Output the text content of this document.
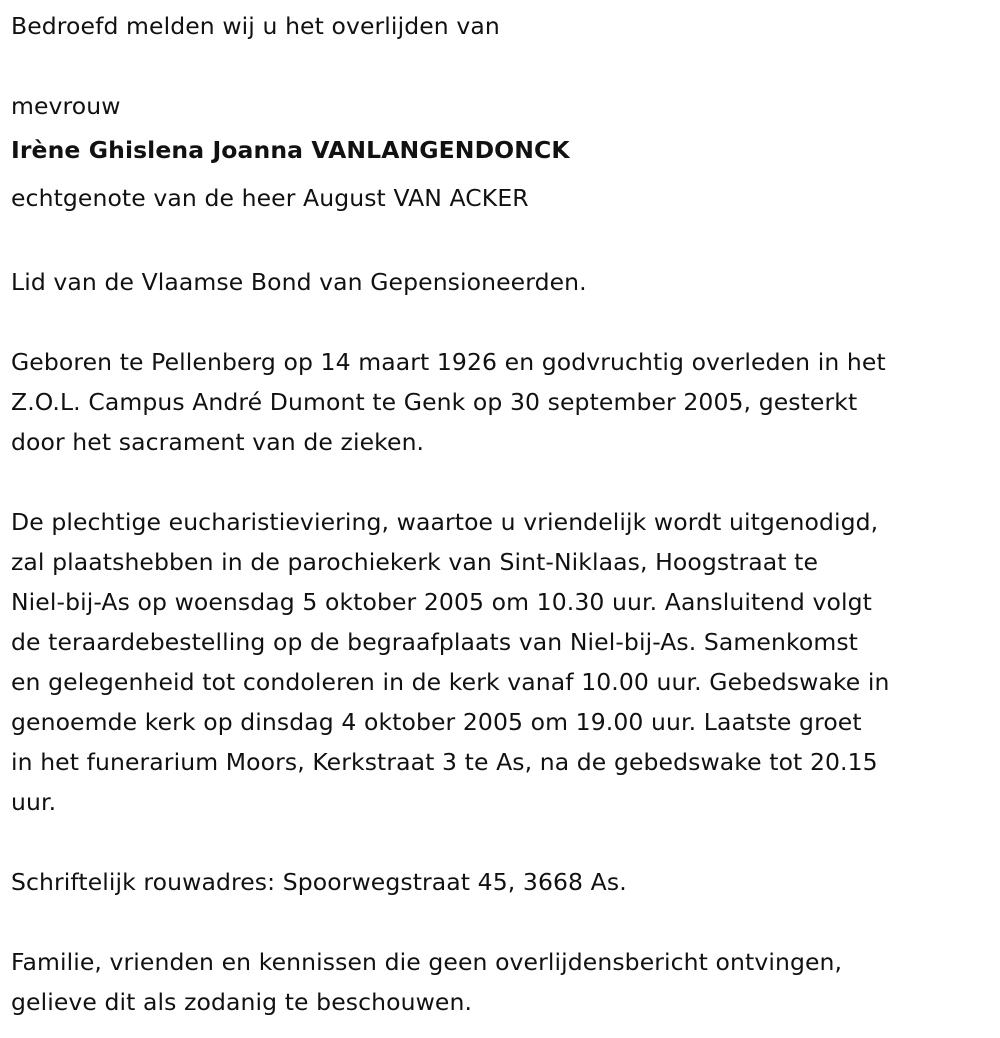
Bedroefd melden wij u het overlijden van

mevrouw

Irène Ghislena Joanna VANLANGENDONCK

echtgenote van de heer August VAN ACKER

Lid van de Vlaamse Bond van Gepensioneerden.

Geboren te Pellenberg op 14 maart 1926 en godvruchtig overleden in het

Z.O.L. Campus André Dumont te Genk op 30 september 2005, gesterkt

door het sacrament van de zieken.

De plechtige eucharistieviering, waartoe u vriendelijk wordt uitgenodigd,

zal plaatshebben in de parochiekerk van Sint-Niklaas, Hoogstraat te

Niel-bij-As op woensdag 5 oktober 2005 om 10.30 uur. Aansluitend volgt

de teraardebestelling op de begraafplaats van Niel-bij-As. Samenkomst

en gelegenheid tot condoleren in de kerk vanaf 10.00 uur. Gebedswake in

genoemde kerk op dinsdag 4 oktober 2005 om 19.00 uur. Laatste groet

in het funerarium Moors, Kerkstraat 3 te As, na de gebedswake tot 20.15

uur.

Schriftelijk rouwadres: Spoorwegstraat 45, 3668 As.

Familie, vrienden en kennissen die geen overlijdensbericht ontvingen,

gelieve dit als zodanig te beschouwen.
